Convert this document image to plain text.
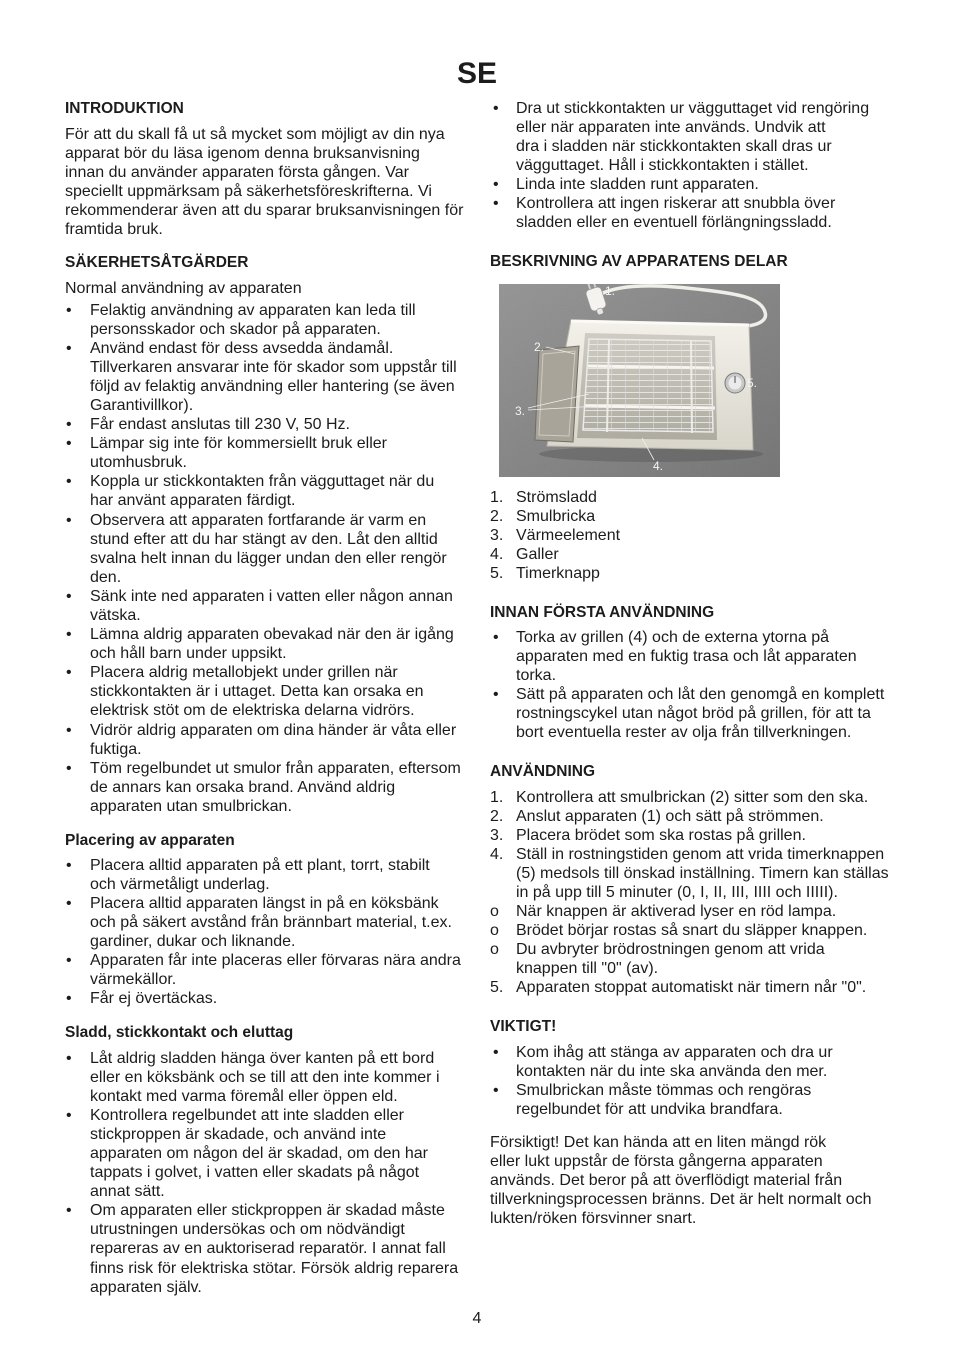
SE
INTRODUKTION

För att du skall få ut så mycket som möjligt av din nya
apparat bör du läsa igenom denna bruksanvisning
innan du använder apparaten första gången. Var
speciellt uppmärksam på säkerhetsföreskrifterna. Vi
rekommenderar även att du sparar bruksanvisningen för
framtida bruk.

SÄKERHETSÅTGÄRDER
Normal användning av apparaten
• Felaktig användning av apparaten kan leda till
personsskador och skador på apparaten.
• Använd endast för dess avsedda ändamål.
Tillverkaren ansvarar inte för skador som uppstår till
följd av felaktig användning eller hantering (se även
Garantivillkor).
• Får endast anslutas till 230 V, 50 Hz.
• Lämpar sig inte för kommersiellt bruk eller
utomhusbruk.
• Koppla ur stickkontakten från vägguttaget när du
har använt apparaten färdigt.
• Observera att apparaten fortfarande är varm en
stund efter att du har stängt av den. Låt den alltid
svalna helt innan du lägger undan den eller rengör
den.
• Sänk inte ned apparaten i vatten eller någon annan
vätska.
• Lämna aldrig apparaten obevakad när den är igång
och håll barn under uppsikt.
• Placera aldrig metallobjekt under grillen när
stickkontakten är i uttaget. Detta kan orsaka en
elektrisk stöt om de elektriska delarna vidrörs.
• Vidrör aldrig apparaten om dina händer är våta eller
fuktiga.
• Töm regelbundet ut smulor från apparaten, eftersom
de annars kan orsaka brand. Använd aldrig
apparaten utan smulbrickan.
Placering av apparaten
• Placera alltid apparaten på ett plant, torrt, stabilt
och värmetåligt underlag.
• Placera alltid apparaten längst in på en köksbänk
och på säkert avstånd från brännbart material, t.ex.
gardiner, dukar och liknande.
• Apparaten får inte placeras eller förvaras nära andra
värmekällor.
• Får ej övertäckas.
Sladd, stickkontakt och eluttag
• Låt aldrig sladden hänga över kanten på ett bord
eller en köksbänk och se till att den inte kommer i
kontakt med varma föremål eller öppen eld.
• Kontrollera regelbundet att inte sladden eller
stickproppen är skadade, och använd inte
apparaten om någon del är skadad, om den har
tappats i golvet, i vatten eller skadats på något
annat sätt.
• Om apparaten eller stickproppen är skadad måste
utrustningen undersökas och om nödvändigt
repareras av en auktoriserad reparatör. I annat fall
finns risk för elektriska stötar. Försök aldrig reparera
apparaten själv.
• Dra ut stickkontakten ur vägguttaget vid rengöring
eller när apparaten inte används. Undvik att
dra i sladden när stickkontakten skall dras ur
vägguttaget. Håll i stickkontakten i stället.
• Linda inte sladden runt apparaten.
• Kontrollera att ingen riskerar att snubbla över
sladden eller en eventuell förlängningssladd.
BESKRIVNING AV APPARATENS DELAR
1.
2.
3.
4.
5.
1. Strömsladd
2. Smulbricka
3. Värmeelement
4. Galler
5. Timerknapp
INNAN FÖRSTA ANVÄNDNING
• Torka av grillen (4) och de externa ytorna på
apparaten med en fuktig trasa och låt apparaten
torka.
• Sätt på apparaten och låt den genomgå en komplett
rostningscykel utan något bröd på grillen, för att ta
bort eventuella rester av olja från tillverkningen.
ANVÄNDNING
1. Kontrollera att smulbrickan (2) sitter som den ska.
2. Anslut apparaten (1) och sätt på strömmen.
3. Placera brödet som ska rostas på grillen.
4. Ställ in rostningstiden genom att vrida timerknappen
(5) medsols till önskad inställning. Timern kan ställas
in på upp till 5 minuter (0, I, II, III, IIII och IIIII).
o När knappen är aktiverad lyser en röd lampa.
o Brödet börjar rostas så snart du släpper knappen.
o Du avbryter brödrostningen genom att vrida
knappen till "0" (av).
5. Apparaten stoppat automatiskt när timern når "0".
VIKTIGT!
• Kom ihåg att stänga av apparaten och dra ur
kontakten när du inte ska använda den mer.
• Smulbrickan måste tömmas och rengöras
regelbundet för att undvika brandfara.

Försiktigt! Det kan hända att en liten mängd rök
eller lukt uppstår de första gångerna apparaten
används. Det beror på att överflödigt material från
tillverkningsprocessen bränns. Det är helt normalt och
lukten/röken försvinner snart.

4
